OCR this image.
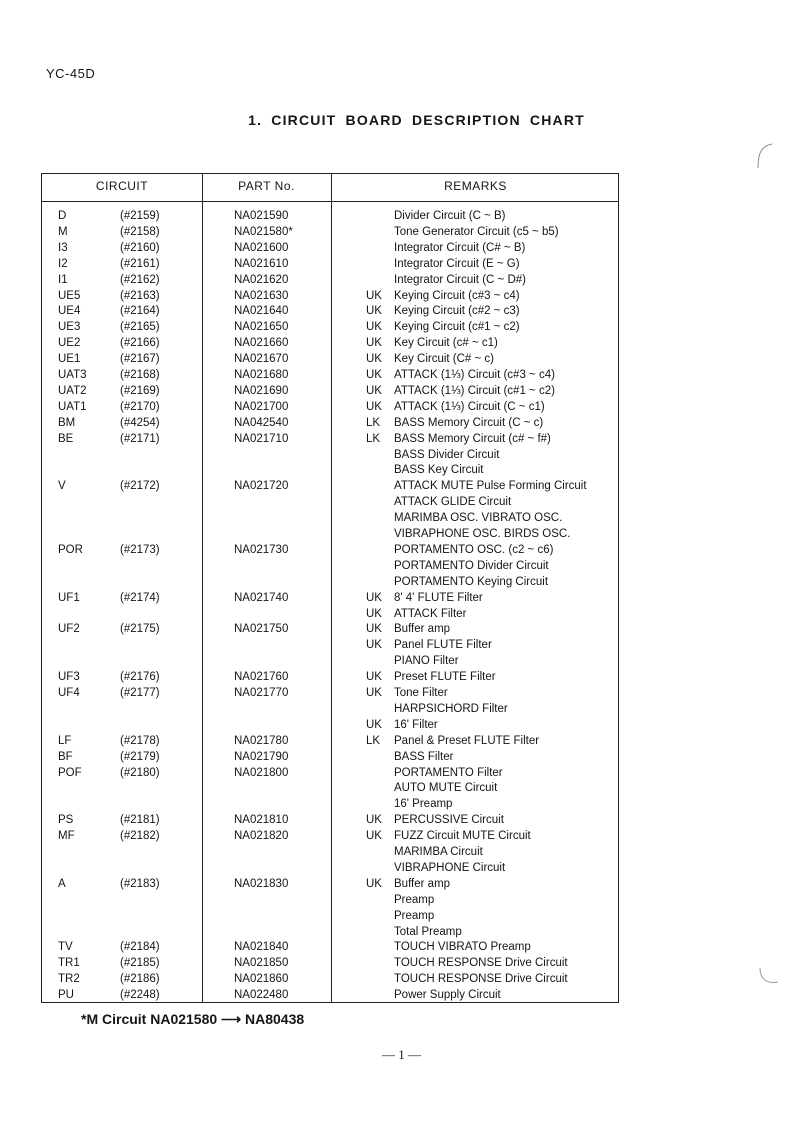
YC-45D
1. CIRCUIT BOARD DESCRIPTION CHART
CIRCUIT	PART No.	REMARKS
D	(#2159)	NA021590	Divider Circuit (C ~ B)
M	(#2158)	NA021580*	Tone Generator Circuit (c5 ~ b5)
I3	(#2160)	NA021600	Integrator Circuit (C# ~ B)
I2	(#2161)	NA021610	Integrator Circuit (E ~ G)
I1	(#2162)	NA021620	Integrator Circuit (C ~ D#)
UE5	(#2163)	NA021630	UK Keying Circuit (c#3 ~ c4)
UE4	(#2164)	NA021640	UK Keying Circuit (c#2 ~ c3)
UE3	(#2165)	NA021650	UK Keying Circuit (c#1 ~ c2)
UE2	(#2166)	NA021660	UK Key Circuit (c# ~ c1)
UE1	(#2167)	NA021670	UK Key Circuit (C# ~ c)
UAT3	(#2168)	NA021680	UK ATTACK (1⅓) Circuit (c#3 ~ c4)
UAT2	(#2169)	NA021690	UK ATTACK (1⅓) Circuit (c#1 ~ c2)
UAT1	(#2170)	NA021700	UK ATTACK (1⅓) Circuit (C ~ c1)
BM	(#4254)	NA042540	LK BASS Memory Circuit (C ~ c)
BE	(#2171)	NA021710	LK BASS Memory Circuit (c# ~ f#)
BASS Divider Circuit
BASS Key Circuit
V	(#2172)	NA021720	ATTACK MUTE Pulse Forming Circuit
ATTACK GLIDE Circuit
MARIMBA OSC. VIBRATO OSC.
VIBRAPHONE OSC. BIRDS OSC.
POR	(#2173)	NA021730	PORTAMENTO OSC. (c2 ~ c6)
PORTAMENTO Divider Circuit
PORTAMENTO Keying Circuit
UF1	(#2174)	NA021740	UK 8' 4' FLUTE Filter
UK ATTACK Filter
UF2	(#2175)	NA021750	UK Buffer amp
UK Panel FLUTE Filter
PIANO Filter
UF3	(#2176)	NA021760	UK Preset FLUTE Filter
UF4	(#2177)	NA021770	UK Tone Filter
HARPSICHORD Filter
UK 16' Filter
LF	(#2178)	NA021780	LK Panel & Preset FLUTE Filter
BF	(#2179)	NA021790	BASS Filter
POF	(#2180)	NA021800	PORTAMENTO Filter
AUTO MUTE Circuit
16' Preamp
PS	(#2181)	NA021810	UK PERCUSSIVE Circuit
MF	(#2182)	NA021820	UK FUZZ Circuit MUTE Circuit
MARIMBA Circuit
VIBRAPHONE Circuit
A	(#2183)	NA021830	UK Buffer amp
Preamp
Preamp
Total Preamp
TV	(#2184)	NA021840	TOUCH VIBRATO Preamp
TR1	(#2185)	NA021850	TOUCH RESPONSE Drive Circuit
TR2	(#2186)	NA021860	TOUCH RESPONSE Drive Circuit
PU	(#2248)	NA022480	Power Supply Circuit
*M Circuit NA021580 ⟶ NA80438
— 1 —
